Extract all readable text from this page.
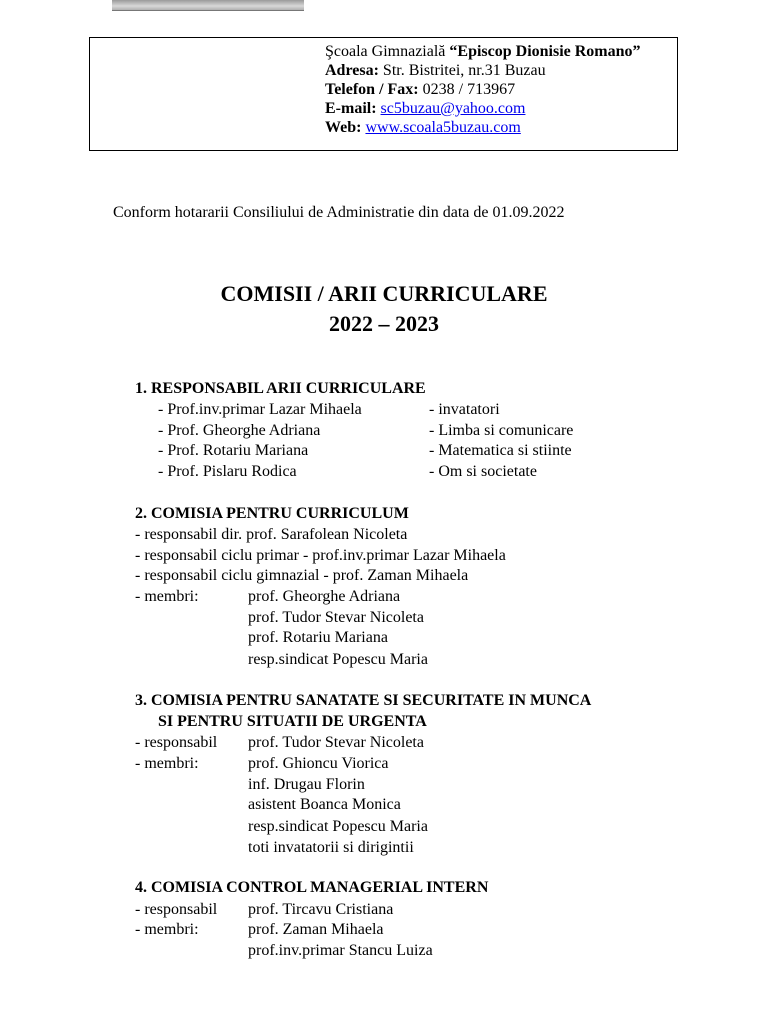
Şcoala Gimnazială “Episcop Dionisie Romano”
Adresa: Str. Bistritei, nr.31 Buzau
Telefon / Fax: 0238 / 713967
E-mail: sc5buzau@yahoo.com
Web: www.scoala5buzau.com
Conform hotararii Consiliului de Administratie din data de 01.09.2022
COMISII / ARII CURRICULARE
2022 – 2023
1. RESPONSABIL ARII CURRICULARE
- Prof.inv.primar Lazar Mihaela	- invatatori
- Prof. Gheorghe Adriana	- Limba si comunicare
- Prof. Rotariu Mariana	- Matematica si stiinte
- Prof. Pislaru Rodica	- Om si societate
2. COMISIA PENTRU CURRICULUM
- responsabil dir. prof. Sarafolean Nicoleta
- responsabil ciclu primar - prof.inv.primar Lazar Mihaela
- responsabil ciclu gimnazial - prof. Zaman Mihaela
- membri:	prof. Gheorghe Adriana
prof. Tudor Stevar Nicoleta
prof. Rotariu Mariana
resp.sindicat Popescu Maria
3. COMISIA PENTRU SANATATE SI SECURITATE IN MUNCA
SI PENTRU SITUATII DE URGENTA
- responsabil prof. Tudor Stevar Nicoleta
- membri:	prof. Ghioncu Viorica
inf. Drugau Florin
asistent Boanca Monica
resp.sindicat Popescu Maria
toti invatatorii si dirigintii
4. COMISIA CONTROL MANAGERIAL INTERN
- responsabil prof. Tircavu Cristiana
- membri:	prof. Zaman Mihaela
prof.inv.primar Stancu Luiza
